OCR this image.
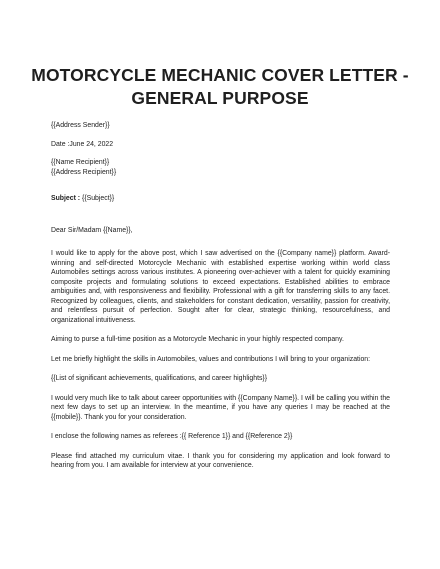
MOTORCYCLE MECHANIC COVER LETTER -
GENERAL PURPOSE

{{Address Sender}}

Date :June 24, 2022

{{Name Recipient}}

{{Address Recipient}}

Subject : {{Subject}}

Dear Sir/Madam {{Name}},

I would like to apply for the above post, which I saw advertised on the {{Company name}} platform. Award-winning and self-directed Motorcycle Mechanic with established expertise working within world class Automobiles settings across various institutes. A pioneering over-achiever with a talent for quickly examining composite projects and formulating solutions to exceed expectations. Established abilities to embrace ambiguities and, with responsiveness and flexibility. Professional with a gift for transferring skills to any facet. Recognized by colleagues, clients, and stakeholders for constant dedication, versatility, passion for creativity, and relentless pursuit of perfection. Sought after for clear, strategic thinking, resourcefulness, and organizational intuitiveness.

Aiming to purse a full-time position as a Motorcycle Mechanic in your highly respected company.

Let me briefly highlight the skills in Automobiles, values and contributions I will bring to your organization:

{{List of significant achievements, qualifications, and career highlights}}

I would very much like to talk about career opportunities with {{Company Name}}. I will be calling you within the next few days to set up an interview. In the meantime, if you have any queries I may be reached at the {{mobile}}. Thank you for your consideration.

I enclose the following names as referees :{{ Reference 1}} and {{Reference 2}}

Please find attached my curriculum vitae. I thank you for considering my application and look forward to hearing from you. I am available for interview at your convenience.
